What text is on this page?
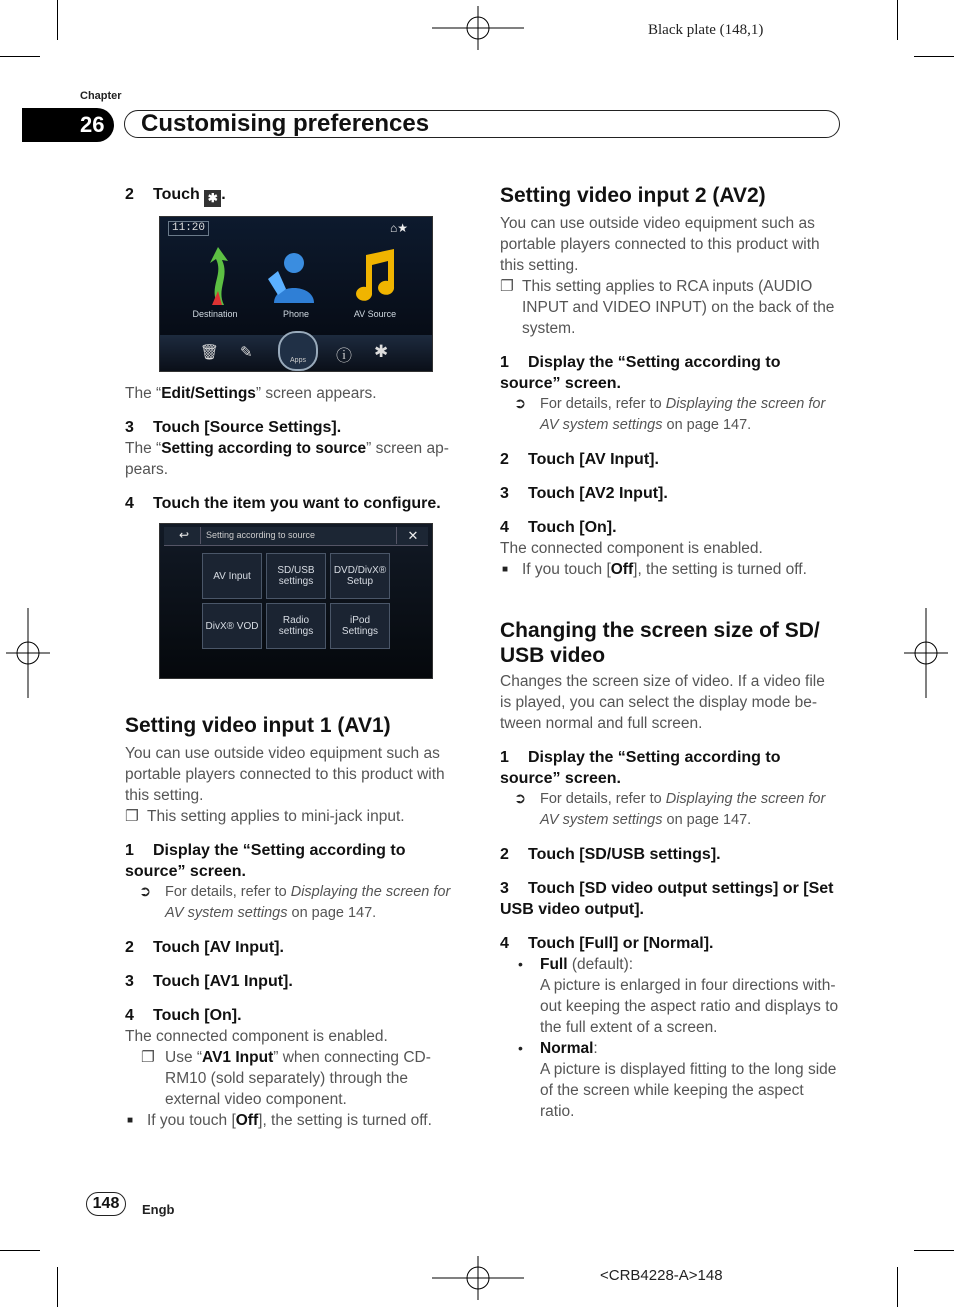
Black plate (148,1)
Chapter
26	Customising preferences
2 Touch ✱ .
11:20	⌂★
Destination	Phone	AV Source
🗑 ✎	Apps	ⓘ ✱

The “Edit/Settings” screen appears.

3 Touch [Source Settings].

The “Setting according to source” screen ap-pears.

4 Touch the item you want to configure.
↩	Setting according to source	✕
AV Input	SD/USB settings
DVD/DivX® Setup
DivX® VOD	Radio settings
iPod Settings
Setting video input 1 (AV1)

You can use outside video equipment such as portable players connected to this product with this setting.

❐ This setting applies to mini-jack input.

1 Display the “Setting according to source” screen.

➲ For details, refer to Displaying the screen for AV system settings on page 147.

2 Touch [AV Input].
3 Touch [AV1 Input].
4 Touch [On].

The connected component is enabled.

❐ Use “AV1 Input” when connecting CD-RM10 (sold separately) through the external video component.

■ If you touch [Off], the setting is turned off.

Setting video input 2 (AV2)

You can use outside video equipment such as portable players connected to this product with this setting.

❐ This setting applies to RCA inputs (AUDIO INPUT and VIDEO INPUT) on the back of the system.

1 Display the “Setting according to source” screen.

➲ For details, refer to Displaying the screen for AV system settings on page 147.

2 Touch [AV Input].
3 Touch [AV2 Input].
4 Touch [On].

The connected component is enabled.

■ If you touch [Off], the setting is turned off.

Changing the screen size of SD/ USB video

Changes the screen size of video. If a video file is played, you can select the display mode be-tween normal and full screen.

1 Display the “Setting according to source” screen.

➲ For details, refer to Displaying the screen for AV system settings on page 147.

2 Touch [SD/USB settings].
3 Touch [SD video output settings] or [Set USB video output].
4 Touch [Full] or [Normal].

• Full (default):

A picture is enlarged in four directions with-out keeping the aspect ratio and displays to the full extent of a screen.

• Normal:

A picture is displayed fitting to the long side of the screen while keeping the aspect ratio.

148	Engb
<CRB4228-A>148
